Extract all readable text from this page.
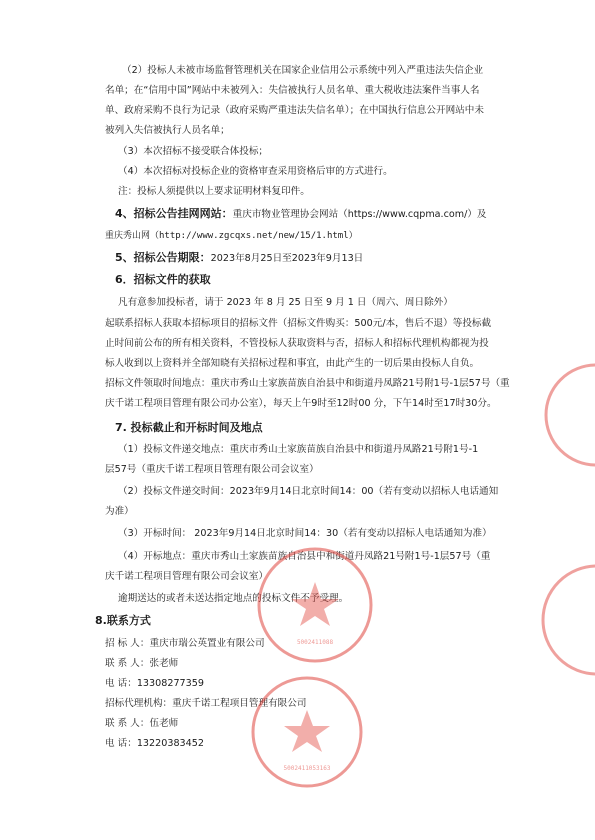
（2）投标人未被市场监督管理机关在国家企业信用公示系统中列入严重违法失信企业
名单；在“信用中国”网站中未被列入：失信被执行人员名单、重大税收违法案件当事人名
单、政府采购不良行为记录（政府采购严重违法失信名单）；在中国执行信息公开网站中未
被列入失信被执行人员名单；
（3）本次招标不接受联合体投标；
（4）本次招标对投标企业的资格审查采用资格后审的方式进行。
注：投标人须提供以上要求证明材料复印件。
4、招标公告挂网网站：重庆市物业管理协会网站（https://www.cqpma.com/）及
重庆秀山网（http://www.zgcqxs.net/new/15/1.html）
5、招标公告期限：2023年8月25日至2023年9月13日
6．招标文件的获取
凡有意参加投标者，请于 2023 年 8 月 25 日至 9 月 1 日（周六、周日除外）
起联系招标人获取本招标项目的招标文件（招标文件购买：500元/本，售后不退）等投标截
止时间前公布的所有相关资料，不管投标人获取资料与否，招标人和招标代理机构都视为投
标人收到以上资料并全部知晓有关招标过程和事宜，由此产生的一切后果由投标人自负。
招标文件领取时间地点：重庆市秀山土家族苗族自治县中和街道丹凤路21号附1号-1层57号（重
庆千诺工程项目管理有限公司办公室），每天上午9时至12时00 分，下午14时至17时30分。
7. 投标截止和开标时间及地点
（1）投标文件递交地点：重庆市秀山土家族苗族自治县中和街道丹凤路21号附1号-1
层57号（重庆千诺工程项目管理有限公司会议室）
（2）投标文件递交时间：2023年9月14日北京时间14：00（若有变动以招标人电话通知
为准）
（3）开标时间： 2023年9月14日北京时间14：30（若有变动以招标人电话通知为准）
（4）开标地点：重庆市秀山土家族苗族自治县中和街道丹凤路21号附1号-1层57号（重
庆千诺工程项目管理有限公司会议室）
逾期送达的或者未送达指定地点的投标文件不予受理。
8.联系方式
招 标 人：重庆市瑞公英置业有限公司
联 系 人：张老师
电 话：13308277359
招标代理机构：重庆千诺工程项目管理有限公司
联 系 人：伍老师
电 话：13220383452
5002411088
5002411053163
